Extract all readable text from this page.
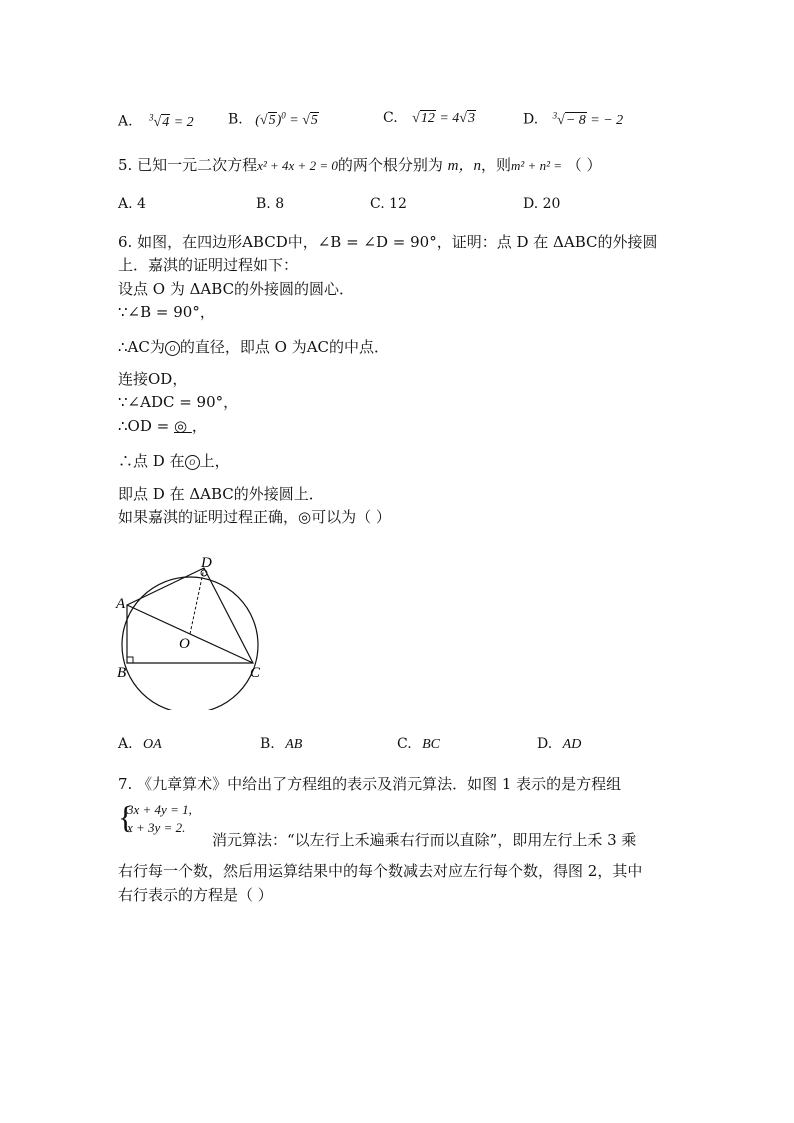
A. $^3$√4 = 2 B. $(√5)^0 = √5$	C. √12 = 4√3	D. $^3$√− 8 = − 2
5. 已知一元二次方程x² + 4x + 2 = 0的两个根分别为 m，n，则m² + n² = （ ）
A. 4	B. 8	C. 12	D. 20
6. 如图，在四边形ABCD中，∠B = ∠D = 90°，证明：点 D 在 ΔABC的外接圆
上．嘉淇的证明过程如下：
设点 O 为 ΔABC的外接圆的圆心．
∵∠B = 90°，
∴AC为 O 的直径，即点 O 为AC的中点．
连接OD，
∵∠ADC = 90°，
∴OD = ◎ ，
∴点 D 在 O 上，
即点 D 在 ΔABC的外接圆上．
如果嘉淇的证明过程正确，◎可以为（ ）
A
B	C
D
O
A. OA	B. AB	C. BC	D. AD
7. 《九章算术》中给出了方程组的表示及消元算法．如图 1 表示的是方程组
{
3x + 4y = 1,
x + 3y = 2.
消元算法：“以左行上禾遍乘右行而以直除”，即用左行上禾 3 乘
右行每一个数，然后用运算结果中的每个数减去对应左行每个数，得图 2，其中
右行表示的方程是（ ）
